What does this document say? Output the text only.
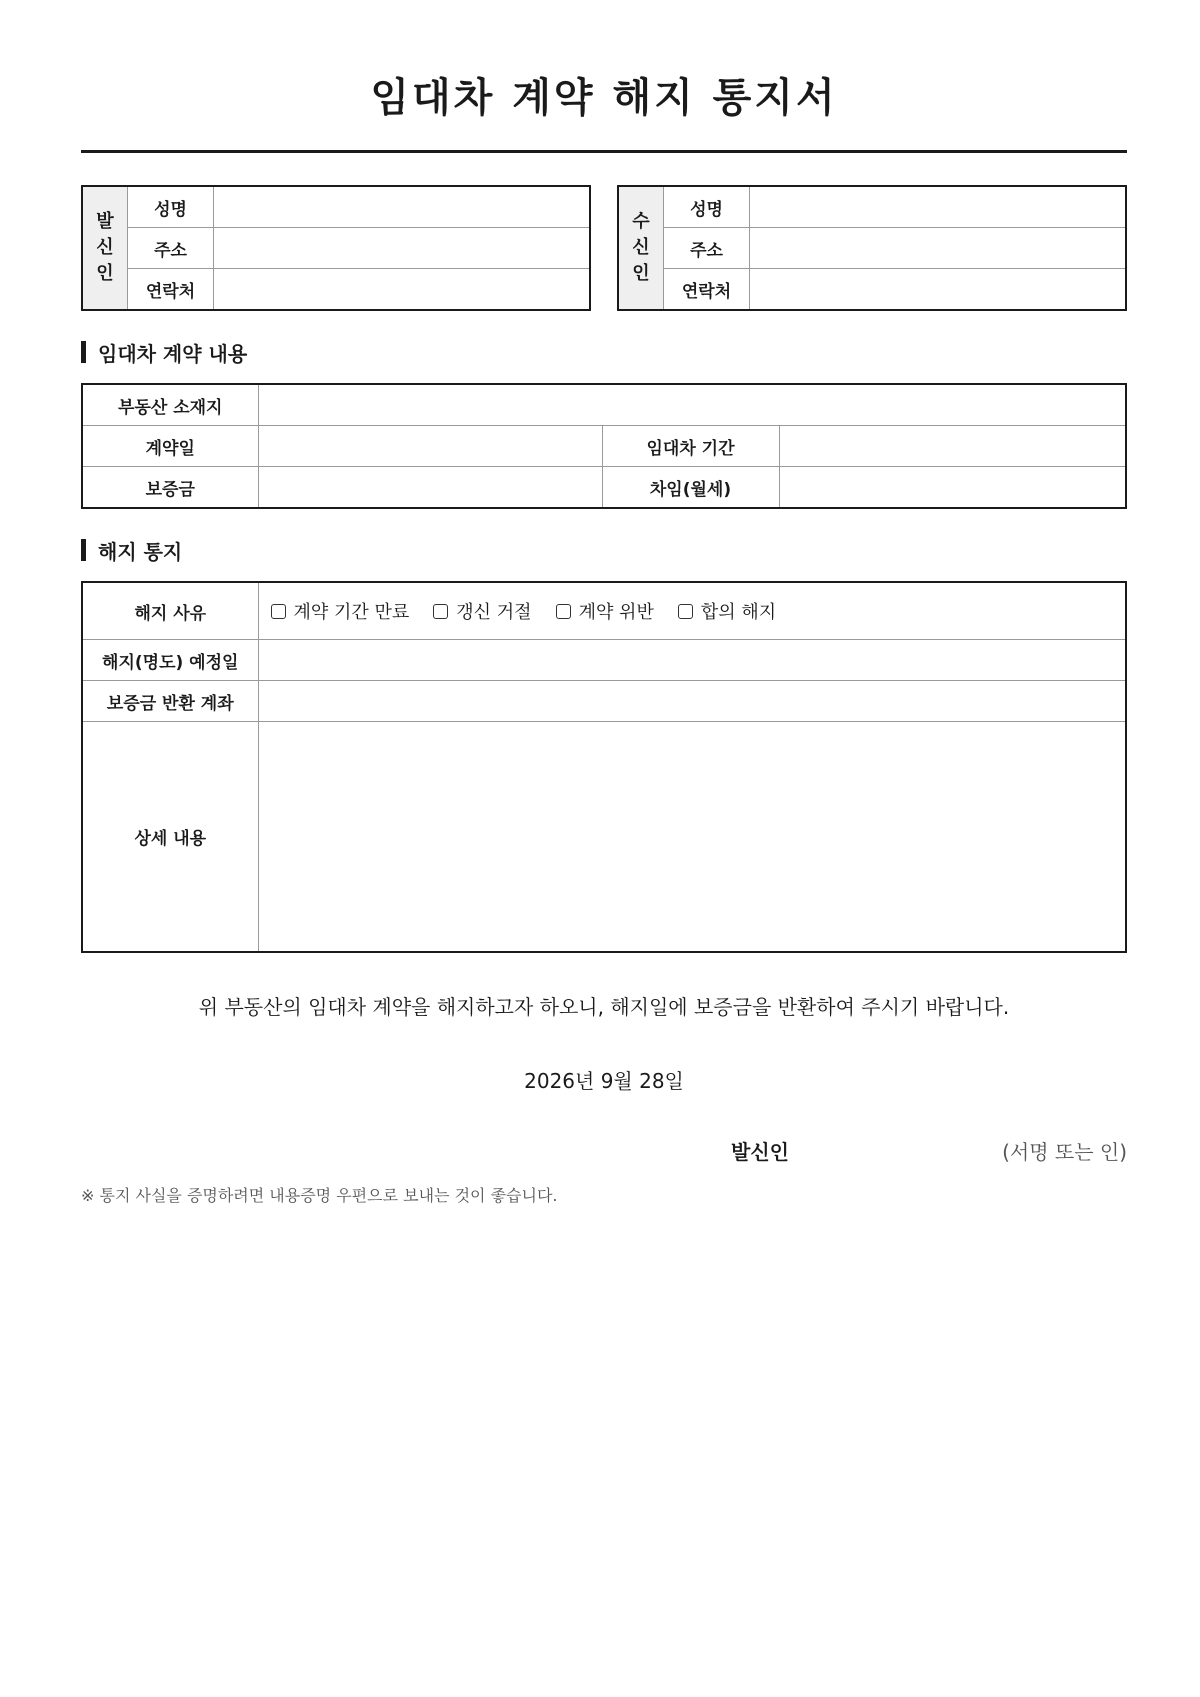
임대차 계약 해지 통지서
발
신
인	성명	
	주소	
	연락처	
수
신
인	성명	
	주소	
	연락처	
임대차 계약 내용
부동산 소재지			
계약일		임대차 기간	
보증금		차임(월세)	
해지 통지
해지 사유	계약 기간 만료 갱신 거절 계약 위반 합의 해지

해지(명도) 예정일	
보증금 반환 계좌	
상세 내용	
위 부동산의 임대차 계약을 해지하고자 하오니, 해지일에 보증금을 반환하여 주시기 바랍니다.
2026년 9월 28일
발신인	(서명 또는 인)
※ 통지 사실을 증명하려면 내용증명 우편으로 보내는 것이 좋습니다.
